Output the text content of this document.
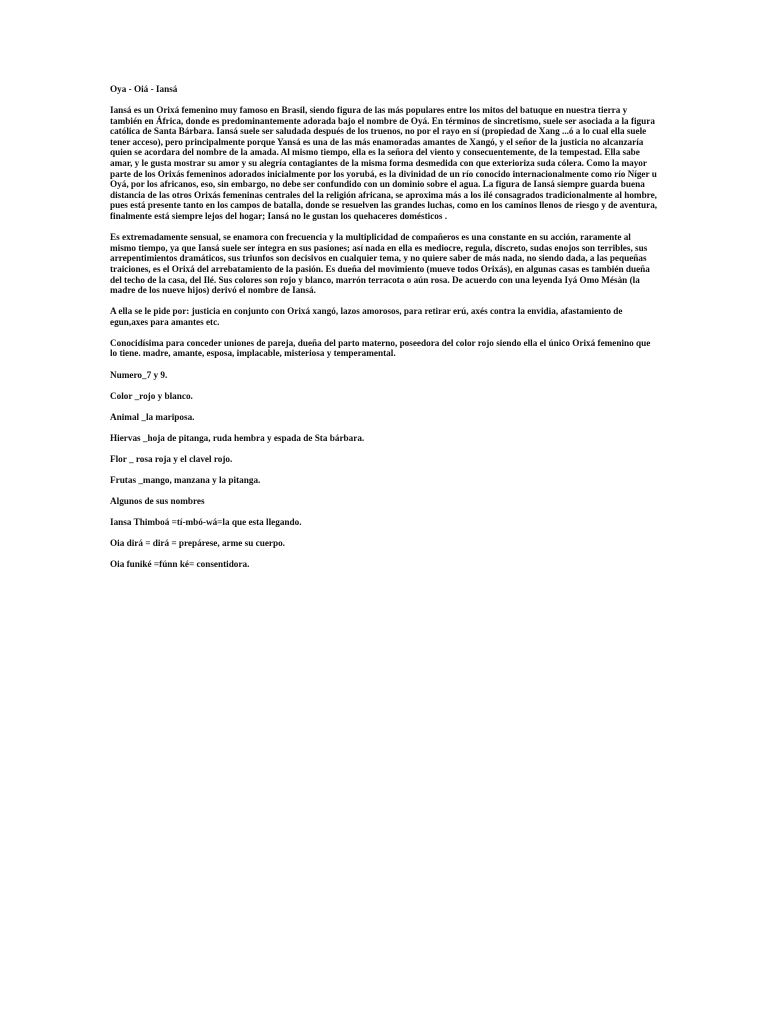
Oya - Oiá - Iansá

Iansá es un Orixá femenino muy famoso en Brasil, siendo figura de las más populares entre los mitos del batuque en nuestra tierra y también en África, donde es predominantemente adorada bajo el nombre de Oyá. En términos de sincretismo, suele ser asociada a la figura católica de Santa Bárbara. Iansá suele ser saludada después de los truenos, no por el rayo en sí (propiedad de Xang ...ó a lo cual ella suele tener acceso), pero principalmente porque Yansá es una de las más enamoradas amantes de Xangó, y el señor de la justicia no alcanzaría quien se acordara del nombre de la amada. Al mismo tiempo, ella es la señora del viento y consecuentemente, de la tempestad. Ella sabe amar, y le gusta mostrar su amor y su alegría contagiantes de la misma forma desmedida con que exterioriza suda cólera. Como la mayor parte de los Orixás femeninos adorados inicialmente por los yorubá, es la divinidad de un río conocido internacionalmente como río Níger u Oyá, por los africanos, eso, sin embargo, no debe ser confundido con un dominio sobre el agua. La figura de Iansá siempre guarda buena distancia de las otros Orixás femeninas centrales del la religión africana, se aproxima más a los ilé consagrados tradicionalmente al hombre, pues está presente tanto en los campos de batalla, donde se resuelven las grandes luchas, como en los caminos llenos de riesgo y de aventura, finalmente está siempre lejos del hogar; Iansá no le gustan los quehaceres domésticos .

Es extremadamente sensual, se enamora con frecuencia y la multiplicidad de compañeros es una constante en su acción, raramente al mismo tiempo, ya que Iansá suele ser íntegra en sus pasiones; así nada en ella es mediocre, regula, discreto, sudas enojos son terribles, sus arrepentimientos dramáticos, sus triunfos son decisivos en cualquier tema, y no quiere saber de más nada, no siendo dada, a las pequeñas traiciones, es el Orixá del arrebatamiento de la pasión. Es dueña del movimiento (mueve todos Orixás), en algunas casas es también dueña del techo de la casa, del Ilé. Sus colores son rojo y blanco, marrón terracota o aún rosa. De acuerdo con una leyenda Iyá Omo Mésàn (la madre de los nueve hijos) derivó el nombre de Iansá.

A ella se le pide por: justicia en conjunto con Orixá xangó, lazos amorosos, para retirar erú, axés contra la envidia, afastamiento de egun,axes para amantes etc.

Conocidísima para conceder uniones de pareja, dueña del parto materno, poseedora del color rojo siendo ella el único Orixá femenino que lo tiene. madre, amante, esposa, implacable, misteriosa y temperamental.

Numero_7 y 9.

Color _rojo y blanco.

Animal _la mariposa.

Hiervas _hoja de pitanga, ruda hembra y espada de Sta bárbara.

Flor _ rosa roja y el clavel rojo.

Frutas _mango, manzana y la pitanga.

Algunos de sus nombres

Iansa Thimboá =tí-mbó-wá=la que esta llegando.

Oia dirá = dirá = prepárese, arme su cuerpo.

Oia funiké =fúnn ké= consentidora.
